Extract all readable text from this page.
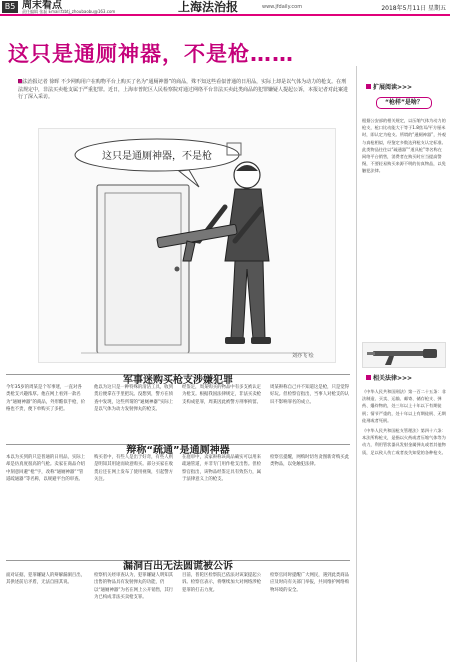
B5 周末看点
责任编辑 张磊 Email:fzbtj_zhoubaobu@163.com	上海法治报	www.jfdaily.com	2018年5月11日 星期五
这只是通厕神器，不是枪……
□法治报记者 徐晖 不少网购用户在购物平台上购买了名为“通厕神器”的商品，殊不知这些看似普通的日用品，实际上却是以气体为动力的枪支。在刑法规定中，非法买卖枪支属于严重犯罪。近日，上海市普陀区人民检察院对通过网络平台非法买卖此类商品的犯罪嫌疑人提起公诉，本报记者对此案进行了深入采访。
这只是通厕神器，不是枪
刘亦飞 绘
军事迷购买枪支涉嫌犯罪
今年35岁的周某是个军事迷，一直对各类枪支兴趣浓厚。他在网上看到一款名为“通厕神器”的商品，外形酷似手枪，价格也不贵，便下单购买了多把。
他以为这只是一种特殊的清洁工具，收到货后便拿在手里把玩。没想到，警方在侦查中发现，这些所谓的“通厕神器”实际上是以气体为动力发射弹丸的枪支。
经鉴定，周某购买的物品中有多支被认定为枪支。根据我国法律规定，非法买卖枪支构成犯罪，周某因此被警方刑事拘留。
周某辩称自己并不知道这是枪，只是觉得好玩。但检察官指出，当事人对枪支的认识不影响罪名的成立。
辩称“疏通”是通厕神器
本以为买到的只是普通的日用品，实际上却是仿真度很高的气枪。卖家在商品介绍中刻意回避“枪”字，改称“通厕神器”“管道疏通器”等名称，以规避平台的审查。
购买者中，有些人是出于好奇，有些人则是明知其用途而故意购买。部分买家在收货后还在网上发布了使用视频，引起警方关注。
在庭审中，卖家辩称该商品确实可以用来疏通管道，并非专门用作枪支出售。但检察官指出，该物品经鉴定具有致伤力，属于法律意义上的枪支。
检察官提醒，网购时切勿贪图新奇购买此类物品，以免触犯法律。
漏洞百出无法圆谎被公诉
面对证据，犯罪嫌疑人的辩解漏洞百出，其供述前后矛盾，无法自圆其说。
检察机关经审查认为，犯罪嫌疑人明知其出售的物品具有发射弹丸的功能，仍以“通厕神器”为名在网上公开销售，其行为已构成非法买卖枪支罪。
目前，普陀区检察院已依法对该案提起公诉。检察官表示，将继续加大对网络涉枪犯罪的打击力度。
检察官同时提醒广大网民，遇到此类商品应及时向有关部门举报，共同维护网络购物环境的安全。
扩展阅读>>>
“枪样”是啥？
根据公安部的相关规定，以压缩气体为动力的枪支，枪口比动能大于等于1.8焦耳/平方厘米时，即认定为枪支。所谓的“通厕神器”，外观与真枪相似，经鉴定多数达到枪支认定标准。此类物品往往以“疏通器”“道具枪”等名称在网络平台销售，消费者在购买时应当提高警惕，不要轻易购买来源不明的仿真物品，以免触犯法律。
相关法律>>>

《中华人民共和国刑法》第一百二十五条：非法制造、买卖、运输、邮寄、储存枪支、弹药、爆炸物的，处三年以上十年以下有期徒刑；情节严重的，处十年以上有期徒刑、无期徒刑或者死刑。

《中华人民共和国枪支管理法》第四十六条：本法所称枪支，是指以火药或者压缩气体等为动力，利用管状器具发射金属弹丸或者其他物质，足以致人伤亡或者丧失知觉的各种枪支。
